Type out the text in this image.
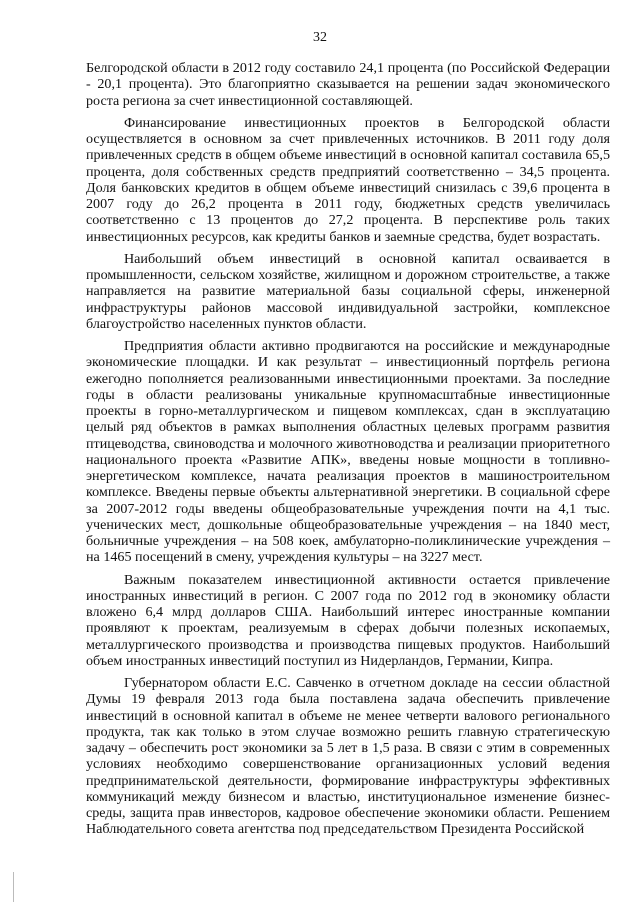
32

Белгородской области в 2012 году составило 24,1 процента (по Российской Федерации - 20,1 процента). Это благоприятно сказывается на решении задач экономического роста региона за счет инвестиционной составляющей.

Финансирование инвестиционных проектов в Белгородской области осуществляется в основном за счет привлеченных источников. В 2011 году доля привлеченных средств в общем объеме инвестиций в основной капитал составила 65,5 процента, доля собственных средств предприятий соответственно – 34,5 процента. Доля банковских кредитов в общем объеме инвестиций снизилась с 39,6 процента в 2007 году до 26,2 процента в 2011 году, бюджетных средств увеличилась соответственно с 13 процентов до 27,2 процента. В перспективе роль таких инвестиционных ресурсов, как кредиты банков и заемные средства, будет возрастать.

Наибольший объем инвестиций в основной капитал осваивается в промышленности, сельском хозяйстве, жилищном и дорожном строительстве, а также направляется на развитие материальной базы социальной сферы, инженерной инфраструктуры районов массовой индивидуальной застройки, комплексное благоустройство населенных пунктов области.

Предприятия области активно продвигаются на российские и международные экономические площадки. И как результат – инвестиционный портфель региона ежегодно пополняется реализованными инвестиционными проектами. За последние годы в области реализованы уникальные крупномасштабные инвестиционные проекты в горно-металлургическом и пищевом комплексах, сдан в эксплуатацию целый ряд объектов в рамках выполнения областных целевых программ развития птицеводства, свиноводства и молочного животноводства и реализации приоритетного национального проекта «Развитие АПК», введены новые мощности в топливно-энергетическом комплексе, начата реализация проектов в машиностроительном комплексе. Введены первые объекты альтернативной энергетики. В социальной сфере за 2007-2012 годы введены общеобразовательные учреждения почти на 4,1 тыс. ученических мест, дошкольные общеобразовательные учреждения – на 1840 мест, больничные учреждения – на 508 коек, амбулаторно-поликлинические учреждения – на 1465 посещений в смену, учреждения культуры – на 3227 мест.

Важным показателем инвестиционной активности остается привлечение иностранных инвестиций в регион. С 2007 года по 2012 год в экономику области вложено 6,4 млрд долларов США. Наибольший интерес иностранные компании проявляют к проектам, реализуемым в сферах добычи полезных ископаемых, металлургического производства и производства пищевых продуктов. Наибольший объем иностранных инвестиций поступил из Нидерландов, Германии, Кипра.

Губернатором области Е.С. Савченко в отчетном докладе на сессии областной Думы 19 февраля 2013 года была поставлена задача обеспечить привлечение инвестиций в основной капитал в объеме не менее четверти валового регионального продукта, так как только в этом случае возможно решить главную стратегическую задачу – обеспечить рост экономики за 5 лет в 1,5 раза. В связи с этим в современных условиях необходимо совершенствование организационных условий ведения предпринимательской деятельности, формирование инфраструктуры эффективных коммуникаций между бизнесом и властью, институциональное изменение бизнес-среды, защита прав инвесторов, кадровое обеспечение экономики области. Решением Наблюдательного совета агентства под председательством Президента Российской
